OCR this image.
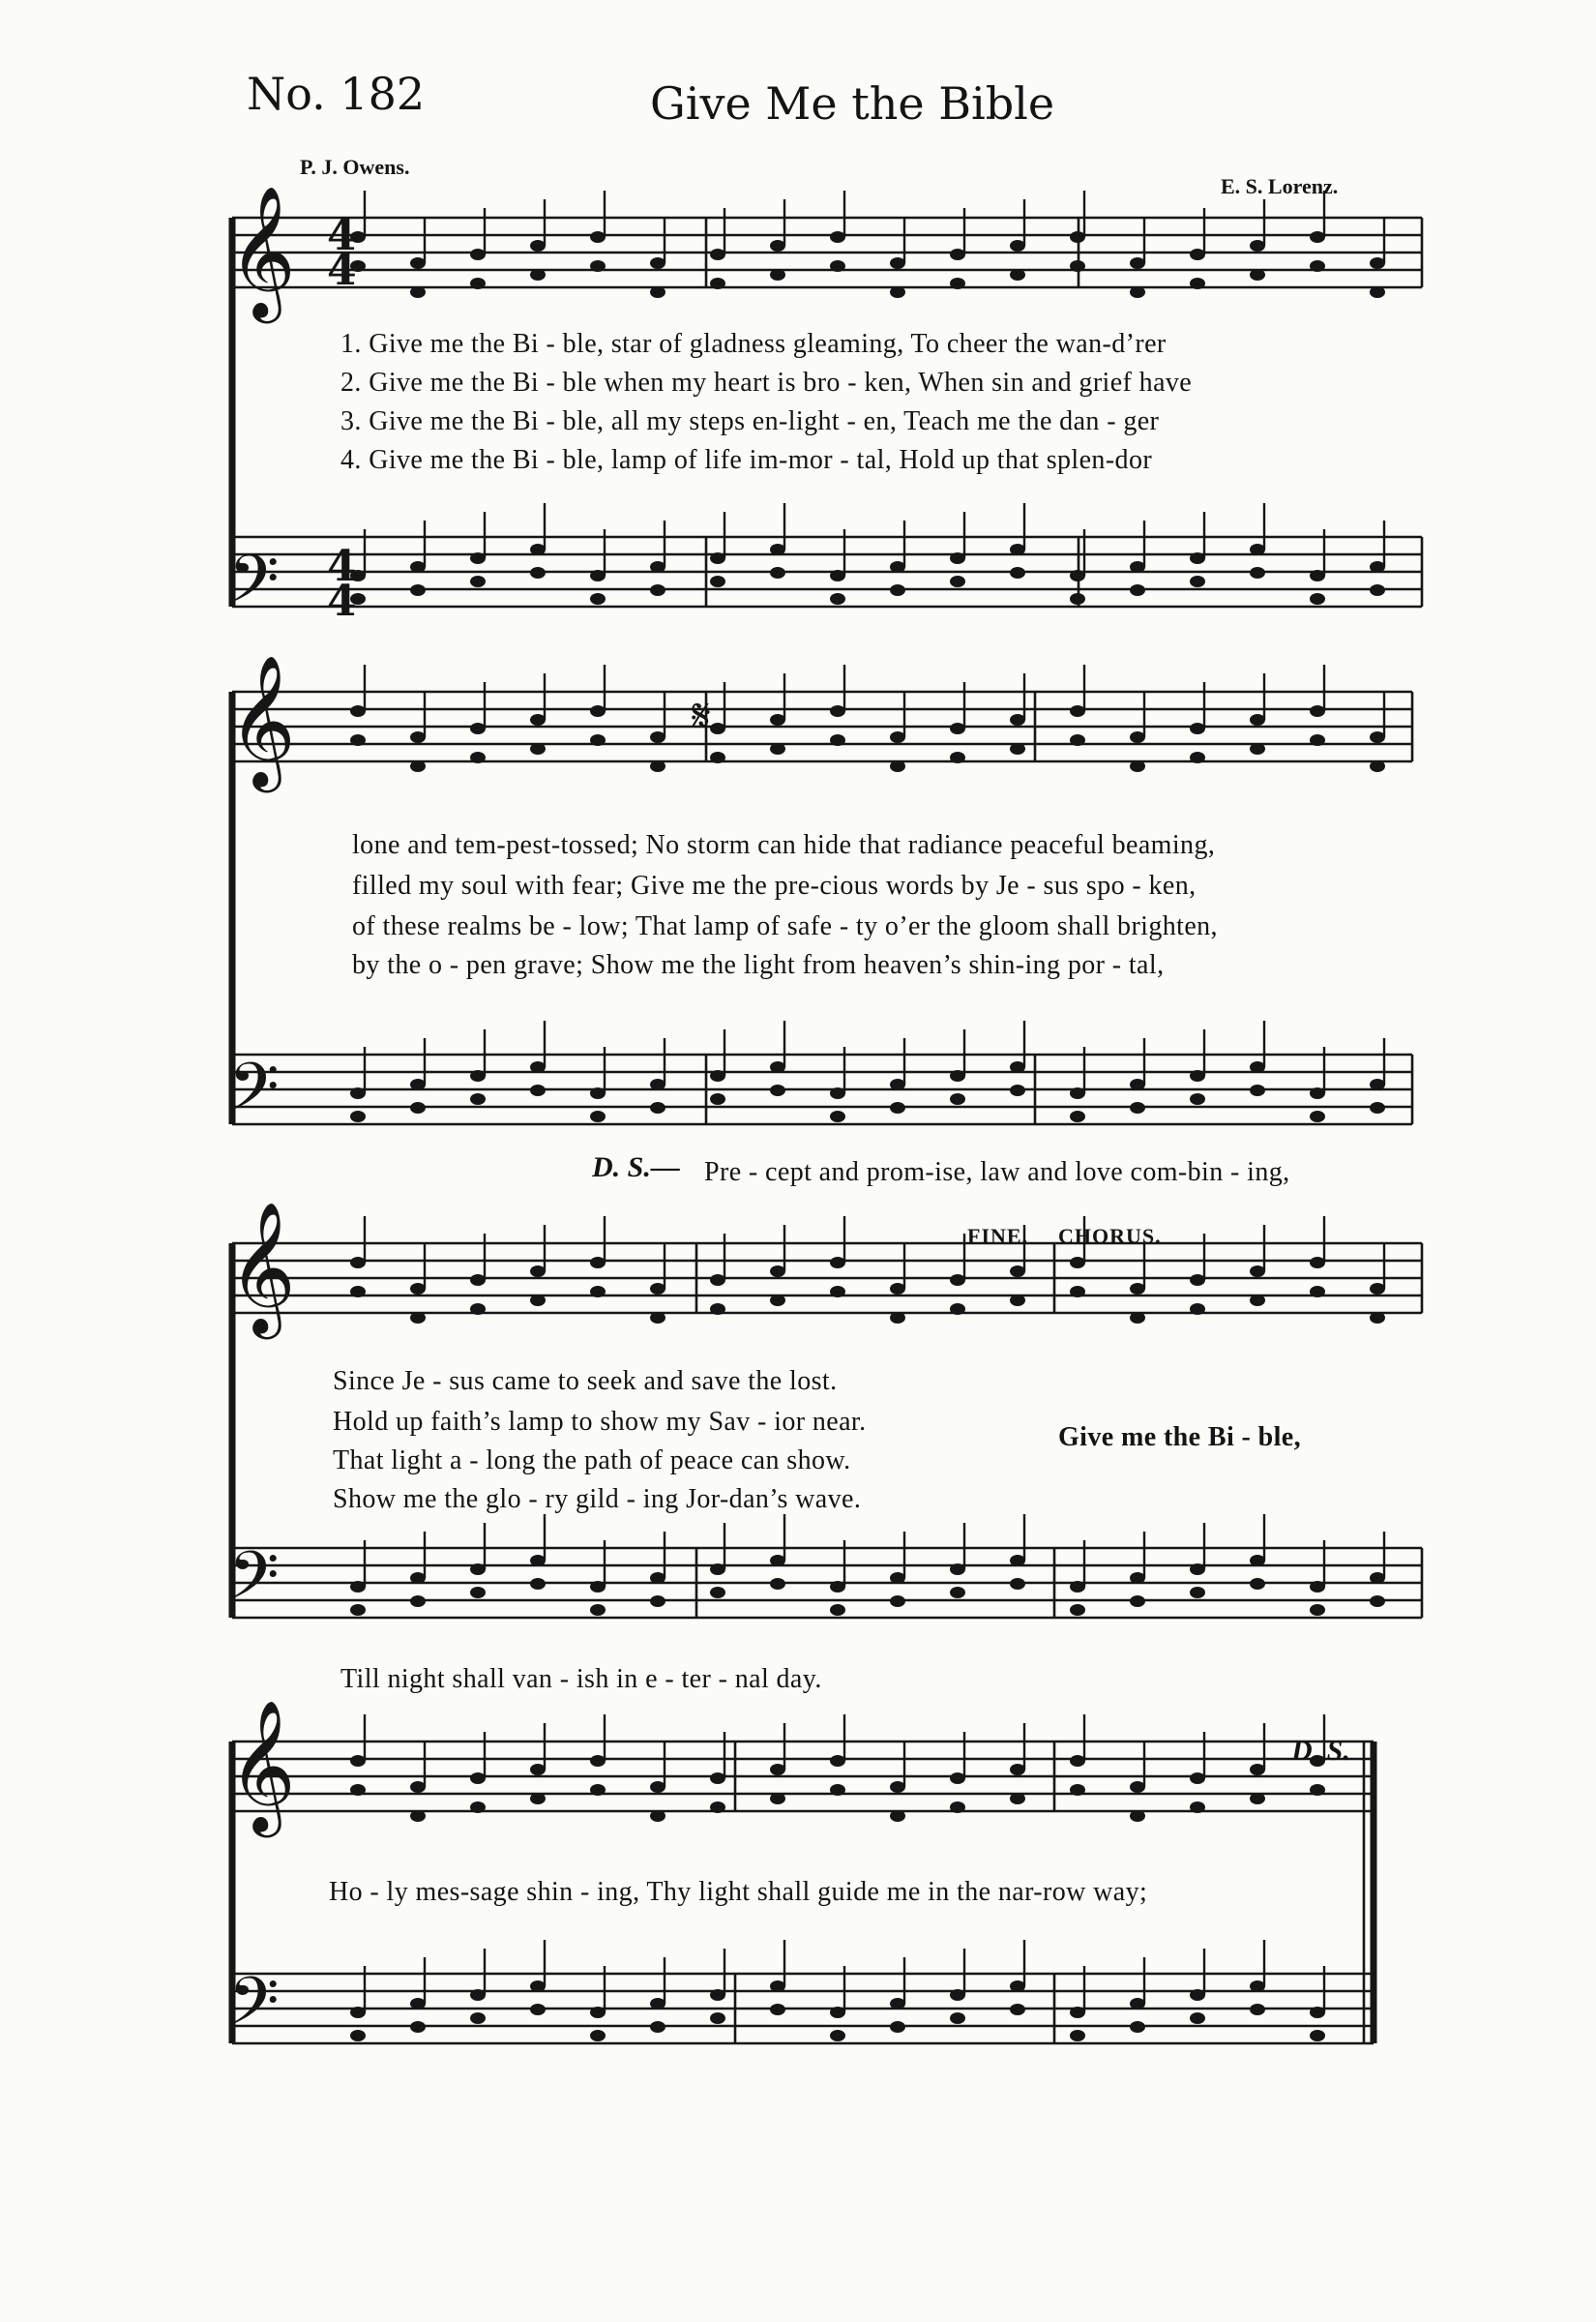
No. 182	Give Me the Bible
P. J. Owens.
E. S. Lorenz.
𝄞
𝄞
𝄞
𝄞
𝄢
𝄢
𝄢
𝄢
𝄋
4
4
4
4
1. Give me the Bi - ble, star of gladness gleaming, To cheer the wan-d’rer
2. Give me the Bi - ble when my heart is bro - ken, When sin and grief have
3. Give me the Bi - ble, all my steps en-light - en, Teach me the dan - ger
4. Give me the Bi - ble, lamp of life im-mor - tal, Hold up that splen-dor
lone and tem-pest-tossed; No storm can hide that radiance peaceful beaming,
filled my soul with fear; Give me the pre-cious words by Je - sus spo - ken,
of these realms be - low; That lamp of safe - ty o’er the gloom shall brighten,
by the o - pen grave; Show me the light from heaven’s shin-ing por - tal,
D. S.— Pre - cept and prom-ise, law and love com-bin - ing,
FINE. CHORUS.
Since Je - sus came to seek and save the lost.
Hold up faith’s lamp to show my Sav - ior near.
That light a - long the path of peace can show.
Show me the glo - ry gild - ing Jor-dan’s wave.
Give me the Bi - ble,
Till night shall van - ish in e - ter - nal day.
D. S.
Ho - ly mes-sage shin - ing, Thy light shall guide me in the nar-row way;
